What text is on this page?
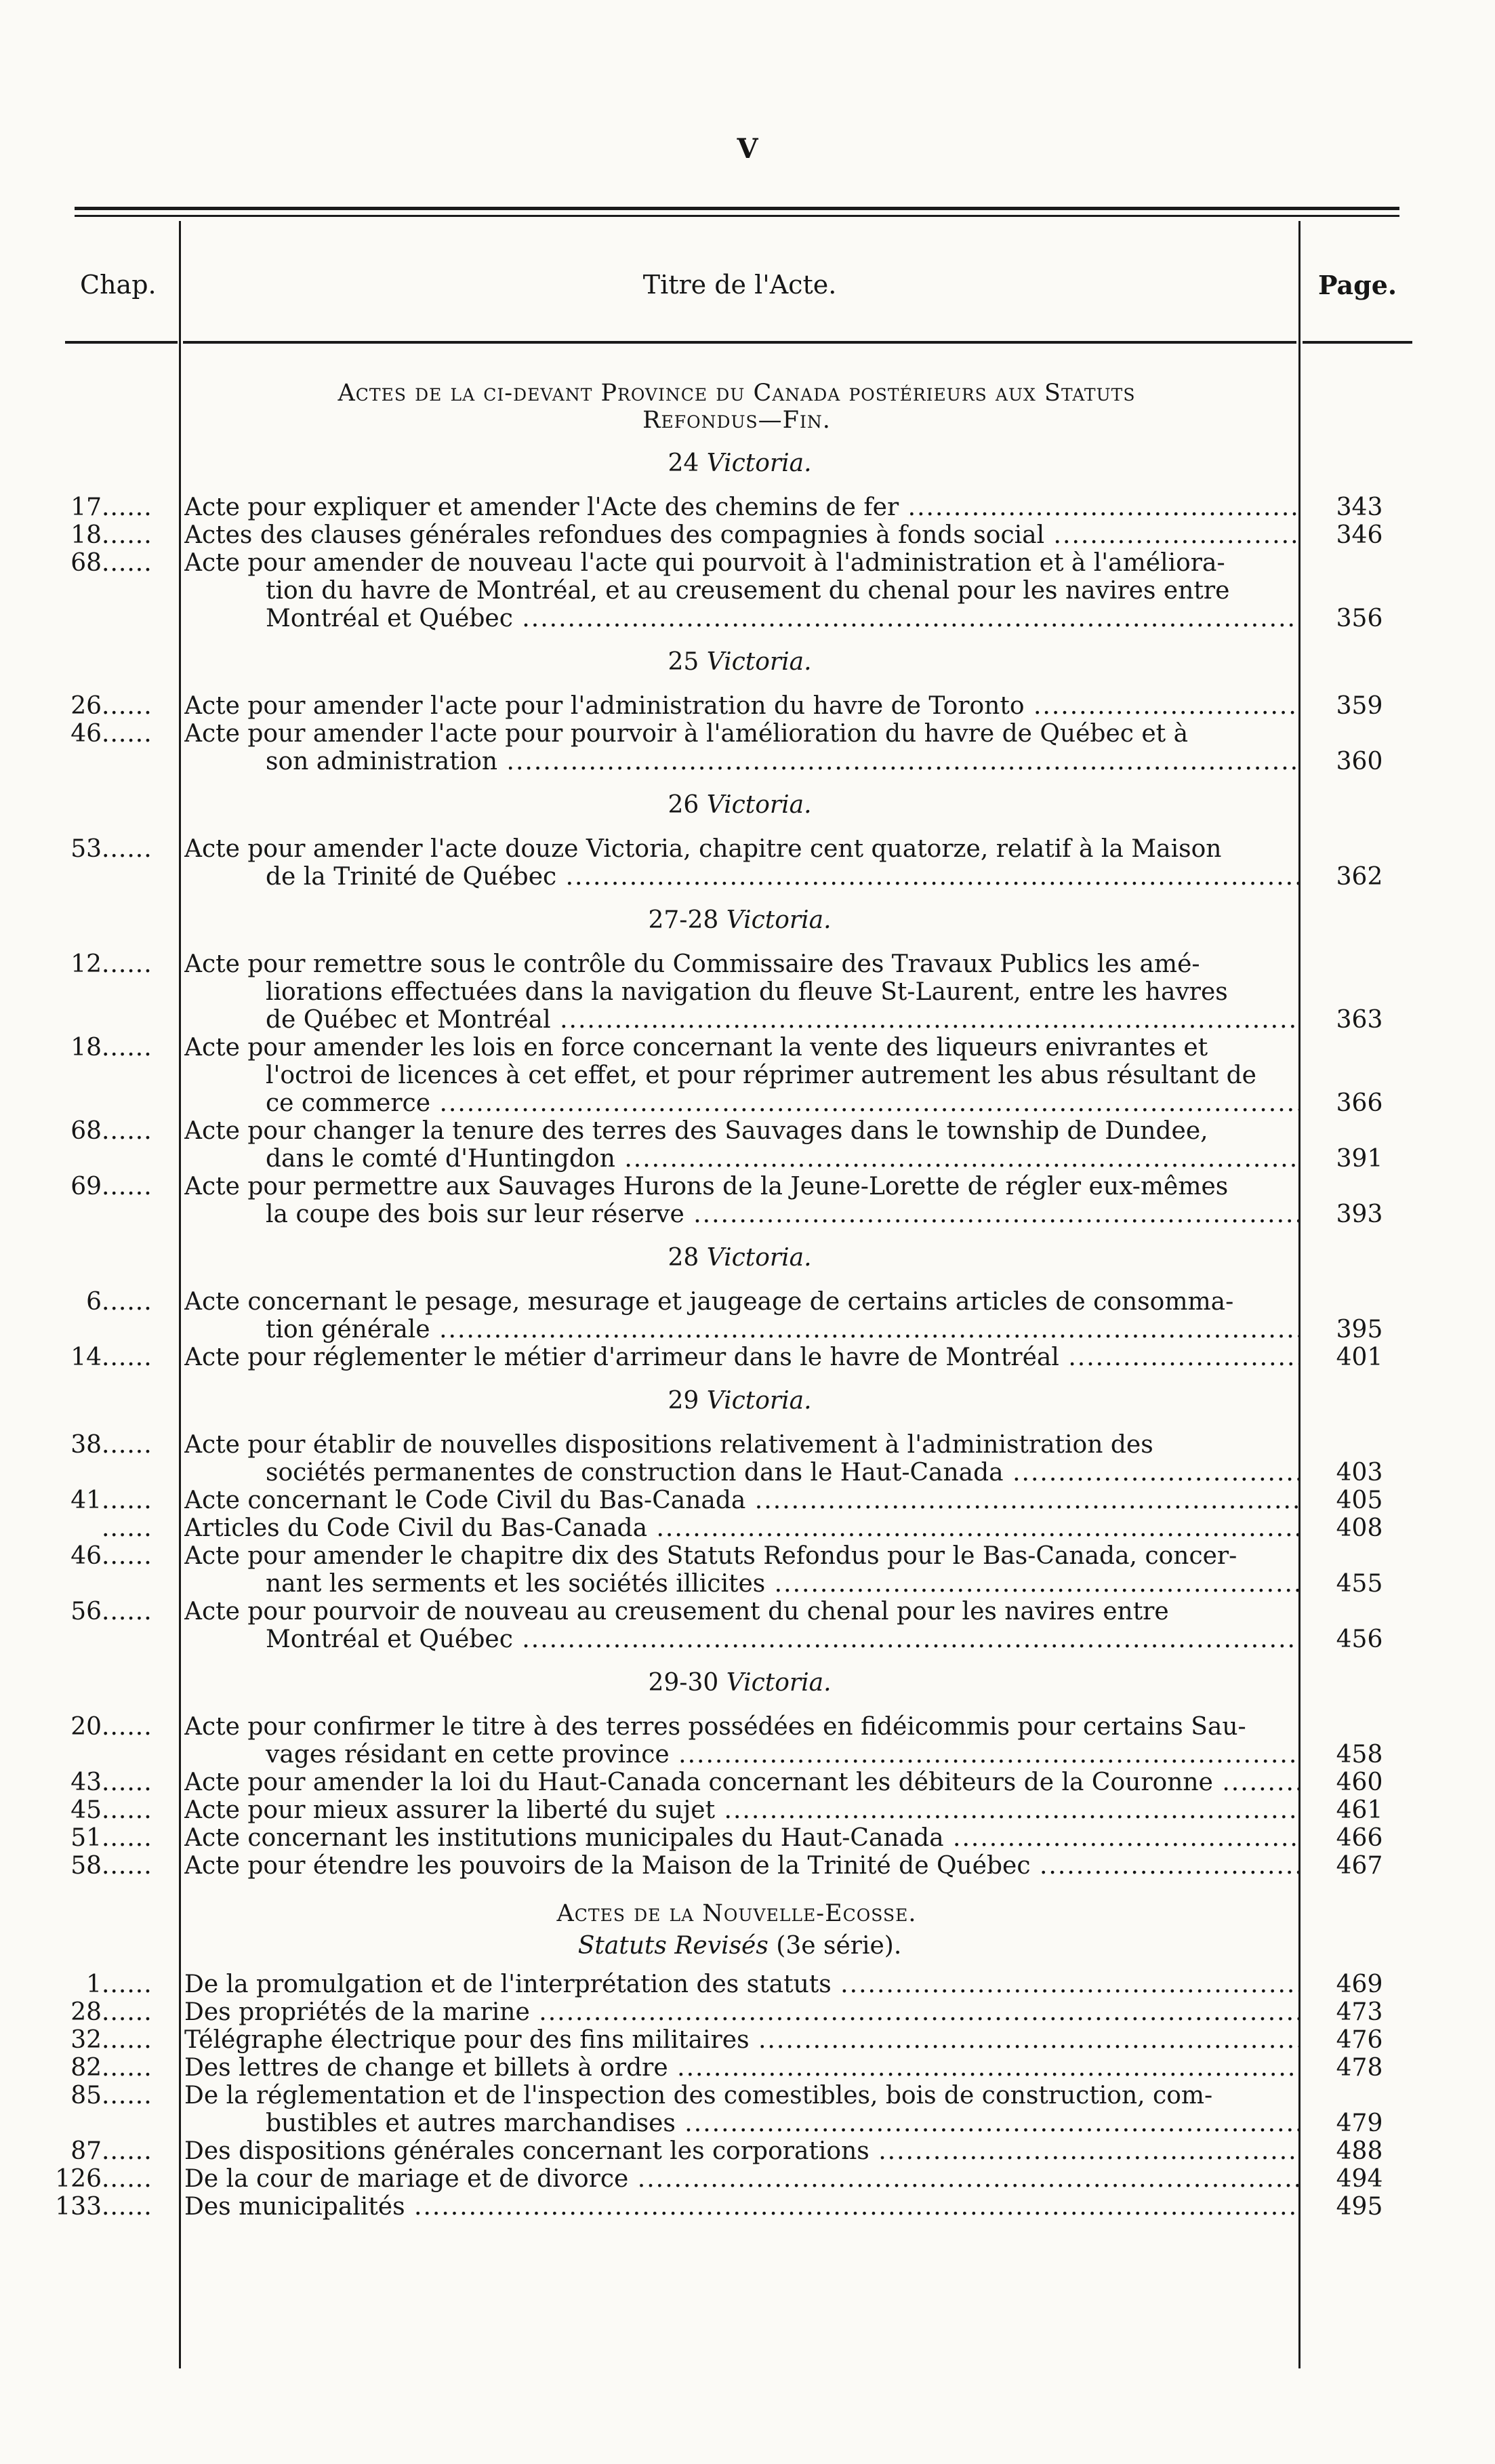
V
Chap.	Titre de l'Acte.	Page.
Actes de la ci-devant Province du Canada postérieurs aux Statuts
Refondus—Fin.
24 Victoria.
17......	Acte pour expliquer et amender l'Acte des chemins de fer .....	343
18......	Actes des clauses générales refondues des compagnies à fonds social .....	346
68......	Acte pour amender de nouveau l'acte qui pourvoit à l'administration et à l'améliora-
tion du havre de Montréal, et au creusement du chenal pour les navires entre
Montréal et Québec .....	356
25 Victoria.
26......	Acte pour amender l'acte pour l'administration du havre de Toronto .....	359
46......	Acte pour amender l'acte pour pourvoir à l'amélioration du havre de Québec et à
son administration .....	360
26 Victoria.
53......	Acte pour amender l'acte douze Victoria, chapitre cent quatorze, relatif à la Maison
de la Trinité de Québec .....	362
27-28 Victoria.
12......	Acte pour remettre sous le contrôle du Commissaire des Travaux Publics les amé-
liorations effectuées dans la navigation du fleuve St-Laurent, entre les havres
de Québec et Montréal .....	363
18......	Acte pour amender les lois en force concernant la vente des liqueurs enivrantes et
l'octroi de licences à cet effet, et pour réprimer autrement les abus résultant de
ce commerce .....	366
68......	Acte pour changer la tenure des terres des Sauvages dans le township de Dundee,
dans le comté d'Huntingdon .....	391
69......	Acte pour permettre aux Sauvages Hurons de la Jeune-Lorette de régler eux-mêmes
la coupe des bois sur leur réserve .....	393
28 Victoria.
6......	Acte concernant le pesage, mesurage et jaugeage de certains articles de consomma-
tion générale .....	395
14......	Acte pour réglementer le métier d'arrimeur dans le havre de Montréal .....	401
29 Victoria.
38......	Acte pour établir de nouvelles dispositions relativement à l'administration des
sociétés permanentes de construction dans le Haut-Canada .....	403
41......	Acte concernant le Code Civil du Bas-Canada .....	405
......	Articles du Code Civil du Bas-Canada .....	408
46......	Acte pour amender le chapitre dix des Statuts Refondus pour le Bas-Canada, concer-
nant les serments et les sociétés illicites .....	455
56......	Acte pour pourvoir de nouveau au creusement du chenal pour les navires entre
Montréal et Québec .....	456
29-30 Victoria.
20......	Acte pour confirmer le titre à des terres possédées en fidéicommis pour certains Sau-
vages résidant en cette province .....	458
43......	Acte pour amender la loi du Haut-Canada concernant les débiteurs de la Couronne .....	460
45......	Acte pour mieux assurer la liberté du sujet .....	461
51......	Acte concernant les institutions municipales du Haut-Canada .....	466
58......	Acte pour étendre les pouvoirs de la Maison de la Trinité de Québec .....	467
Actes de la Nouvelle-Ecosse.
Statuts Revisés (3e série).
1......	De la promulgation et de l'interprétation des statuts .....	469
28......	Des propriétés de la marine .....	473
32......	Télégraphe électrique pour des fins militaires .....	476
82......	Des lettres de change et billets à ordre .....	478
85......	De la réglementation et de l'inspection des comestibles, bois de construction, com-
bustibles et autres marchandises .....	479
87......	Des dispositions générales concernant les corporations .....	488
126......	De la cour de mariage et de divorce .....	494
133......	Des municipalités .....	495
